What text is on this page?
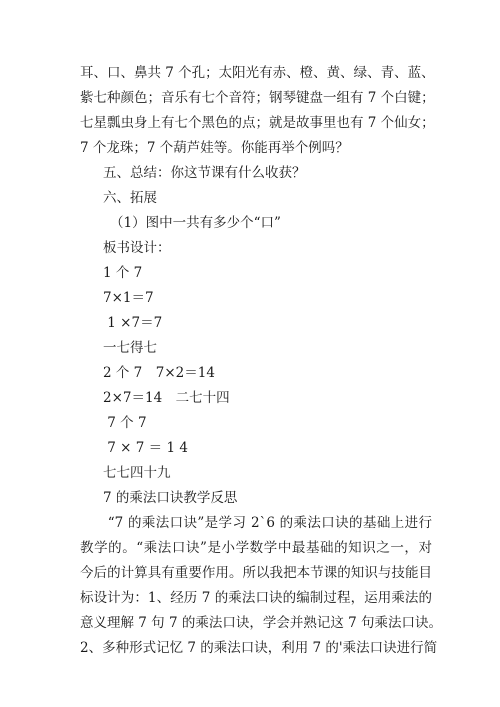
耳、口、鼻共 7 个孔；太阳光有赤、橙、黄、绿、青、蓝、
紫七种颜色；音乐有七个音符；钢琴键盘一组有 7 个白键；
七星瓢虫身上有七个黑色的点；就是故事里也有 7 个仙女；
7 个龙珠；7 个葫芦娃等。你能再举个例吗？
五、总结：你这节课有什么收获？
六、拓展
（1）图中一共有多少个“口”
板书设计：
1 个 7
7×1＝7
1 ×7＝7
一七得七
2 个 7　7×2＝14
2×7＝14　二七十四
7 个 7
7 × 7 ＝ 1 4
七七四十九
7 的乘法口诀教学反思
　　“7 的乘法口诀”是学习 2`6 的乘法口诀的基础上进行
教学的。“乘法口诀”是小学数学中最基础的知识之一，对
今后的计算具有重要作用。所以我把本节课的知识与技能目
标设计为：1、经历 7 的乘法口诀的编制过程，运用乘法的
意义理解 7 句 7 的乘法口诀，学会并熟记这 7 句乘法口诀。
2、多种形式记忆 7 的乘法口诀，利用 7 的'乘法口诀进行简
